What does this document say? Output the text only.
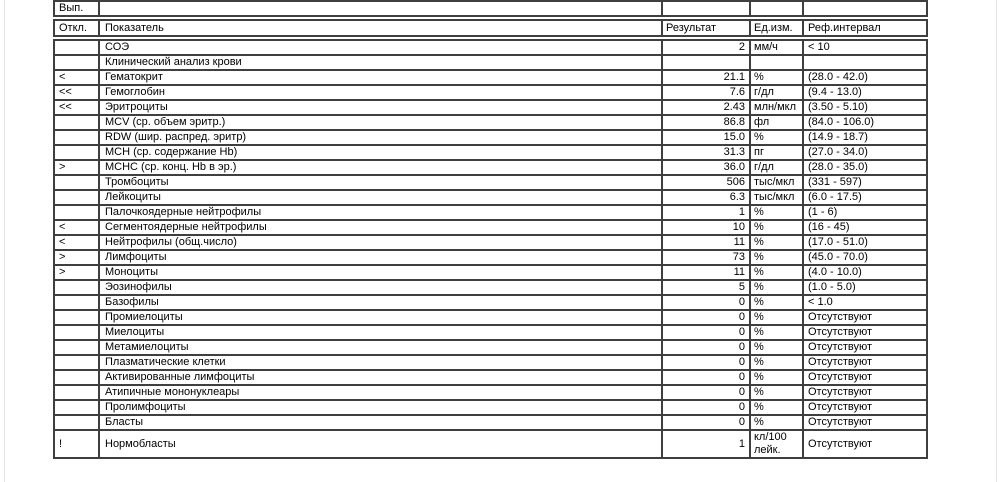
Вып.				
Откл.	Показатель	Результат	Ед.изм.	Реф.интервал
	СОЭ	2	мм/ч	< 10
	Клинический анализ крови			
<	Гематокрит	21.1	%	(28.0 - 42.0)
<<	Гемоглобин	7.6	г/дл	(9.4 - 13.0)
<<	Эритроциты	2.43	млн/мкл	(3.50 - 5.10)
	MCV (ср. объем эритр.)	86.8	фл	(84.0 - 106.0)
	RDW (шир. распред. эритр)	15.0	%	(14.9 - 18.7)
	MCH (ср. содержание Hb)	31.3	пг	(27.0 - 34.0)
>	MCHC (ср. конц. Hb в эр.)	36.0	г/дл	(28.0 - 35.0)
	Тромбоциты	506	тыс/мкл	(331 - 597)
	Лейкоциты	6.3	тыс/мкл	(6.0 - 17.5)
	Палочкоядерные нейтрофилы	1	%	(1 - 6)
<	Сегментоядерные нейтрофилы	10	%	(16 - 45)
<	Нейтрофилы (общ.число)	11	%	(17.0 - 51.0)
>	Лимфоциты	73	%	(45.0 - 70.0)
>	Моноциты	11	%	(4.0 - 10.0)
	Эозинофилы	5	%	(1.0 - 5.0)
	Базофилы	0	%	< 1.0
	Промиелоциты	0	%	Отсутствуют
	Миелоциты	0	%	Отсутствуют
	Метамиелоциты	0	%	Отсутствуют
	Плазматические клетки	0	%	Отсутствуют
	Активированные лимфоциты	0	%	Отсутствуют
	Атипичные мононуклеары	0	%	Отсутствуют
	Пролимфоциты	0	%	Отсутствуют
	Бласты	0	%	Отсутствуют
!	Нормобласты	1	кл/100 лейк.	Отсутствуют
